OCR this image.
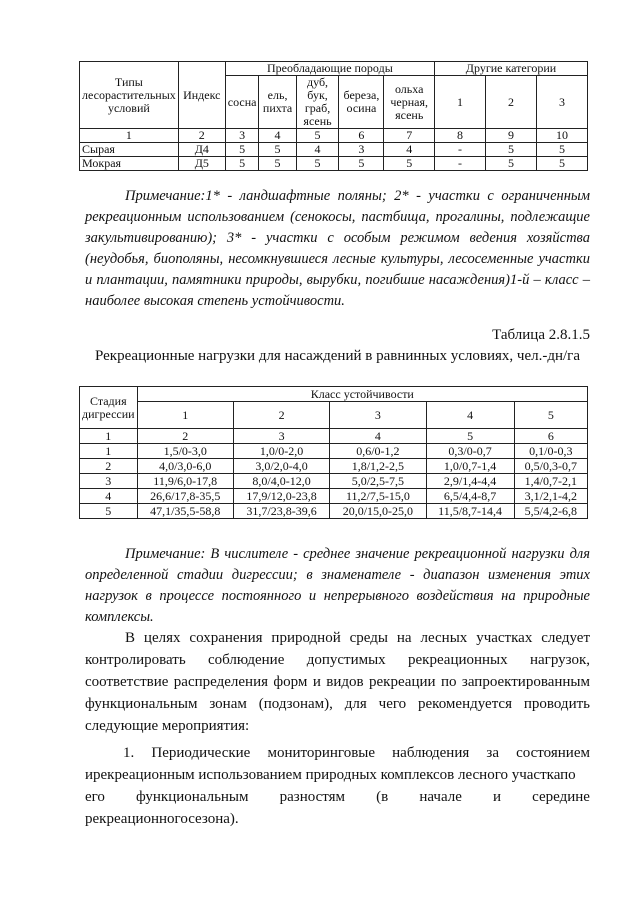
Типы лесорастительных условий	Индекс	Преобладающие породы					Другие категории		
		сосна	ель, пихта	дуб, бук, граб, ясень	береза, осина	ольха черная, ясень	1	2	3
1	2	3	4	5	6	7	8	9	10
Сырая	Д4	5	5	4	3	4	-	5	5
Мокрая	Д5	5	5	5	5	5	-	5	5
Примечание:1* - ландшафтные поляны; 2* - участки с ограниченным рекреационным использованием (сенокосы, пастбища, прогалины, подлежащие закультивированию); 3* - участки с особым режимом ведения хозяйства (неудобья, биополяны, несомкнувшиеся лесные культуры, лесосеменные участки и плантации, памятники природы, вырубки, погибшие насаждения)1-й – класс – наиболее высокая степень устойчивости.
Таблица 2.8.1.5
Рекреационные нагрузки для насаждений в равнинных условиях, чел.-дн/га
Стадия дигрессии	Класс устойчивости				
	1	2	3	4	5
1	2	3	4	5	6
1	1,5/0-3,0	1,0/0-2,0	0,6/0-1,2	0,3/0-0,7	0,1/0-0,3
2	4,0/3,0-6,0	3,0/2,0-4,0	1,8/1,2-2,5	1,0/0,7-1,4	0,5/0,3-0,7
3	11,9/6,0-17,8	8,0/4,0-12,0	5,0/2,5-7,5	2,9/1,4-4,4	1,4/0,7-2,1
4	26,6/17,8-35,5	17,9/12,0-23,8	11,2/7,5-15,0	6,5/4,4-8,7	3,1/2,1-4,2
5	47,1/35,5-58,8	31,7/23,8-39,6	20,0/15,0-25,0	11,5/8,7-14,4	5,5/4,2-6,8
Примечание: В числителе - среднее значение рекреационной нагрузки для определенной стадии дигрессии; в знаменателе - диапазон изменения этих нагрузок в процессе постоянного и непрерывного воздействия на природные комплексы.
В целях сохранения природной среды на лесных участках следует контролировать соблюдение допустимых рекреационных нагрузок, соответствие распределения форм и видов рекреации по запроектированным функциональным зонам (подзонам), для чего рекомендуется проводить следующие мероприятия:
1. Периодические мониторинговые наблюдения за состоянием
ирекреационным использованием природных комплексов лесного участкапо
его функциональным разностям (в начале и середине
рекреационногосезона).
